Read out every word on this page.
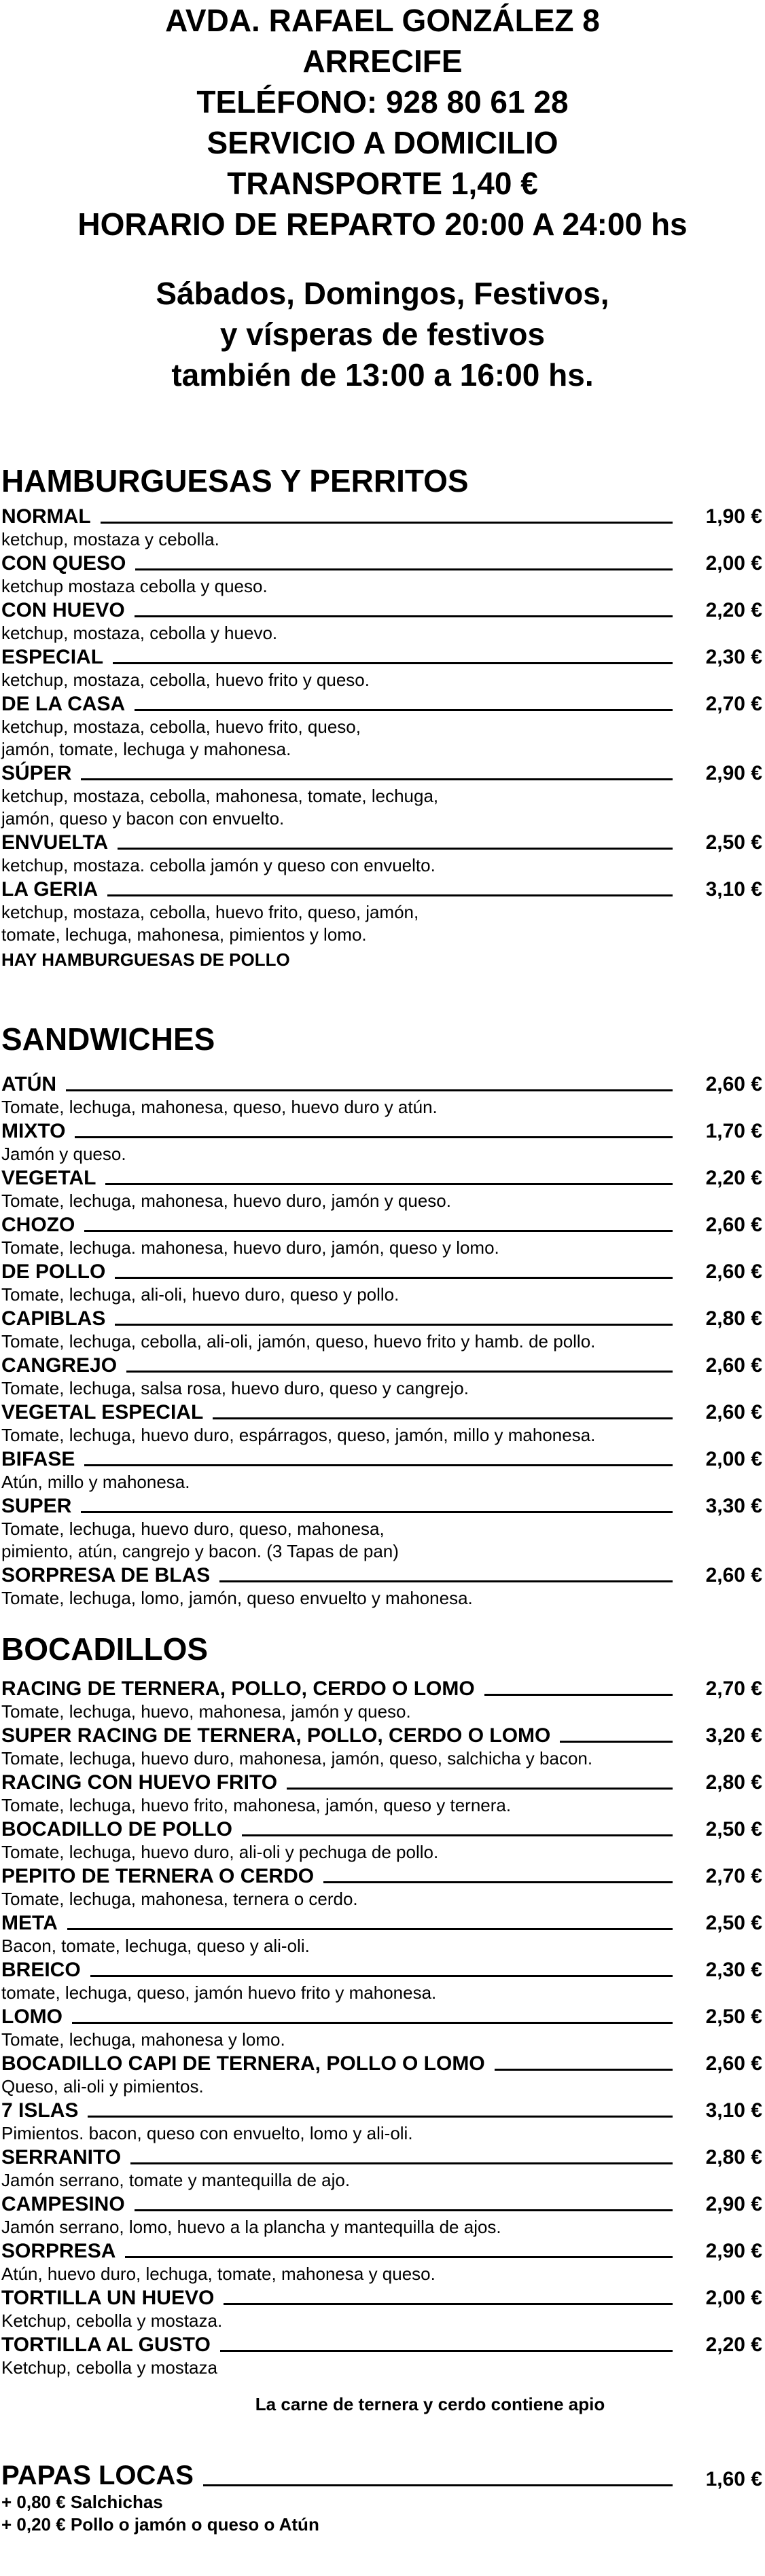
AVDA. RAFAEL GONZÁLEZ 8
ARRECIFE
TELÉFONO: 928 80 61 28
SERVICIO A DOMICILIO
TRANSPORTE 1,40 €
HORARIO DE REPARTO 20:00 A 24:00 hs
Sábados, Domingos, Festivos,
y vísperas de festivos
también de 13:00 a 16:00 hs.
HAMBURGUESAS Y PERRITOS
NORMAL	1,90 €
ketchup, mostaza y cebolla.
CON QUESO	2,00 €
ketchup mostaza cebolla y queso.
CON HUEVO	2,20 €
ketchup, mostaza, cebolla y huevo.
ESPECIAL	2,30 €
ketchup, mostaza, cebolla, huevo frito y queso.
DE LA CASA	2,70 €
ketchup, mostaza, cebolla, huevo frito, queso,
jamón, tomate, lechuga y mahonesa.
SÚPER	2,90 €
ketchup, mostaza, cebolla, mahonesa, tomate, lechuga,
jamón, queso y bacon con envuelto.
ENVUELTA	2,50 €
ketchup, mostaza. cebolla jamón y queso con envuelto.
LA GERIA	3,10 €
ketchup, mostaza, cebolla, huevo frito, queso, jamón,
tomate, lechuga, mahonesa, pimientos y lomo.
HAY HAMBURGUESAS DE POLLO
SANDWICHES
ATÚN	2,60 €
Tomate, lechuga, mahonesa, queso, huevo duro y atún.
MIXTO	1,70 €
Jamón y queso.
VEGETAL	2,20 €
Tomate, lechuga, mahonesa, huevo duro, jamón y queso.
CHOZO	2,60 €
Tomate, lechuga. mahonesa, huevo duro, jamón, queso y lomo.
DE POLLO	2,60 €
Tomate, lechuga, ali-oli, huevo duro, queso y pollo.
CAPIBLAS	2,80 €
Tomate, lechuga, cebolla, ali-oli, jamón, queso, huevo frito y hamb. de pollo.
CANGREJO	2,60 €
Tomate, lechuga, salsa rosa, huevo duro, queso y cangrejo.
VEGETAL ESPECIAL	2,60 €
Tomate, lechuga, huevo duro, espárragos, queso, jamón, millo y mahonesa.
BIFASE	2,00 €
Atún, millo y mahonesa.
SUPER	3,30 €
Tomate, lechuga, huevo duro, queso, mahonesa,
pimiento, atún, cangrejo y bacon. (3 Tapas de pan)
SORPRESA DE BLAS	2,60 €
Tomate, lechuga, lomo, jamón, queso envuelto y mahonesa.
BOCADILLOS
RACING DE TERNERA, POLLO, CERDO O LOMO	2,70 €
Tomate, lechuga, huevo, mahonesa, jamón y queso.
SUPER RACING DE TERNERA, POLLO, CERDO O LOMO	3,20 €
Tomate, lechuga, huevo duro, mahonesa, jamón, queso, salchicha y bacon.
RACING CON HUEVO FRITO	2,80 €
Tomate, lechuga, huevo frito, mahonesa, jamón, queso y ternera.
BOCADILLO DE POLLO	2,50 €
Tomate, lechuga, huevo duro, ali-oli y pechuga de pollo.
PEPITO DE TERNERA O CERDO	2,70 €
Tomate, lechuga, mahonesa, ternera o cerdo.
META	2,50 €
Bacon, tomate, lechuga, queso y ali-oli.
BREICO	2,30 €
tomate, lechuga, queso, jamón huevo frito y mahonesa.
LOMO	2,50 €
Tomate, lechuga, mahonesa y lomo.
BOCADILLO CAPI DE TERNERA, POLLO O LOMO	2,60 €
Queso, ali-oli y pimientos.
7 ISLAS	3,10 €
Pimientos. bacon, queso con envuelto, lomo y ali-oli.
SERRANITO	2,80 €
Jamón serrano, tomate y mantequilla de ajo.
CAMPESINO	2,90 €
Jamón serrano, lomo, huevo a la plancha y mantequilla de ajos.
SORPRESA	2,90 €
Atún, huevo duro, lechuga, tomate, mahonesa y queso.
TORTILLA UN HUEVO	2,00 €
Ketchup, cebolla y mostaza.
TORTILLA AL GUSTO	2,20 €
Ketchup, cebolla y mostaza
La carne de ternera y cerdo contiene apio
PAPAS LOCAS	1,60 €
+ 0,80 € Salchichas
+ 0,20 € Pollo o jamón o queso o Atún
